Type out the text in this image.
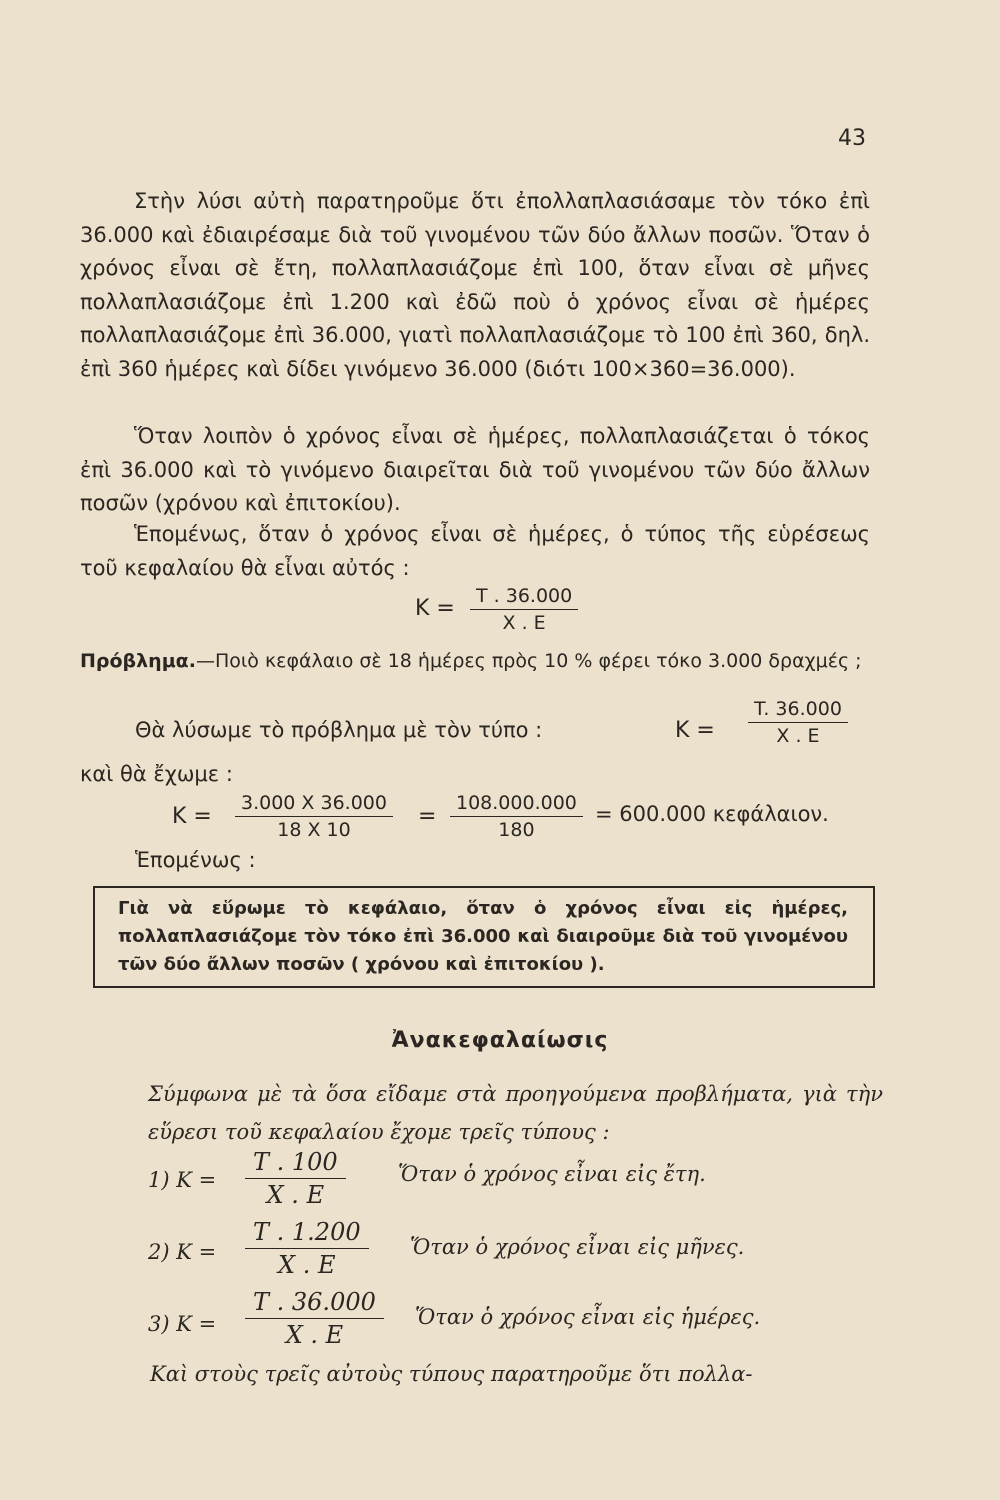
43
Στὴν λύσι αὐτὴ παρατηροῦμε ὅτι ἐπολλαπλασιάσαμε τὸν τόκο ἐπὶ 36.000 καὶ ἐδιαιρέσαμε διὰ τοῦ γινομένου τῶν δύο ἄλλων ποσῶν. Ὅταν ὁ χρόνος εἶναι σὲ ἔτη, πολλαπλασιάζομε ἐπὶ 100, ὅταν εἶναι σὲ μῆνες πολλαπλασιάζομε ἐπὶ 1.200 καὶ ἐδῶ ποὺ ὁ χρόνος εἶναι σὲ ἡμέρες πολλαπλασιάζομε ἐπὶ 36.000, γιατὶ πολλαπλασιάζομε τὸ 100 ἐπὶ 360, δηλ. ἐπὶ 360 ἡμέρες καὶ δίδει γινόμενο 36.000 (διότι 100×360=36.000).
Ὅταν λοιπὸν ὁ χρόνος εἶναι σὲ ἡμέρες, πολλαπλασιάζεται ὁ τόκος ἐπὶ 36.000 καὶ τὸ γινόμενο διαιρεῖται διὰ τοῦ γινομένου τῶν δύο ἄλλων ποσῶν (χρόνου καὶ ἐπιτοκίου).
Ἑπομένως, ὅταν ὁ χρόνος εἶναι σὲ ἡμέρες, ὁ τύπος τῆς εὑρέσεως τοῦ κεφαλαίου θὰ εἶναι αὐτός :
$K = \frac{T . 36.000}{X . E}$
Πρόβλημα.—Ποιὸ κεφάλαιο σὲ 18 ἡμέρες πρὸς 10 % φέρει τόκο 3.000 δραχμές ;
Θὰ λύσωμε τὸ πρόβλημα μὲ τὸν τύπο :	$K = \frac{T. 36.000}{X . E}$
καὶ θὰ ἔχωμε :
$K = \frac{3.000 X 36.000}{18 X 10} = \frac{108.000.000}{180} = 600.000$ κεφάλαιον.
Ἑπομένως :
Γιὰ νὰ εὕρωμε τὸ κεφάλαιο, ὅταν ὁ χρόνος εἶναι εἰς ἡμέρες, πολλαπλασιάζομε τὸν τόκο ἐπὶ 36.000 καὶ διαιροῦμε διὰ τοῦ γινομένου τῶν δύο ἄλλων ποσῶν ( χρόνου καὶ ἐπιτοκίου ).
Ἀνακεφαλαίωσις
Σύμφωνα μὲ τὰ ὅσα εἴδαμε στὰ προηγούμενα προβλήματα, γιὰ τὴν εὕρεσι τοῦ κεφαλαίου ἔχομε τρεῖς τύπους :
1) $K = \frac{T . 100}{X . E}$ Ὅταν ὁ χρόνος εἶναι εἰς ἔτη.
2) $K = \frac{T . 1.200}{X . E}$ Ὅταν ὁ χρόνος εἶναι εἰς μῆνες.
3) $K = \frac{T . 36.000}{X . E}$ Ὅταν ὁ χρόνος εἶναι εἰς ἡμέρες.
Καὶ στοὺς τρεῖς αὐτοὺς τύπους παρατηροῦμε ὅτι πολλα-
